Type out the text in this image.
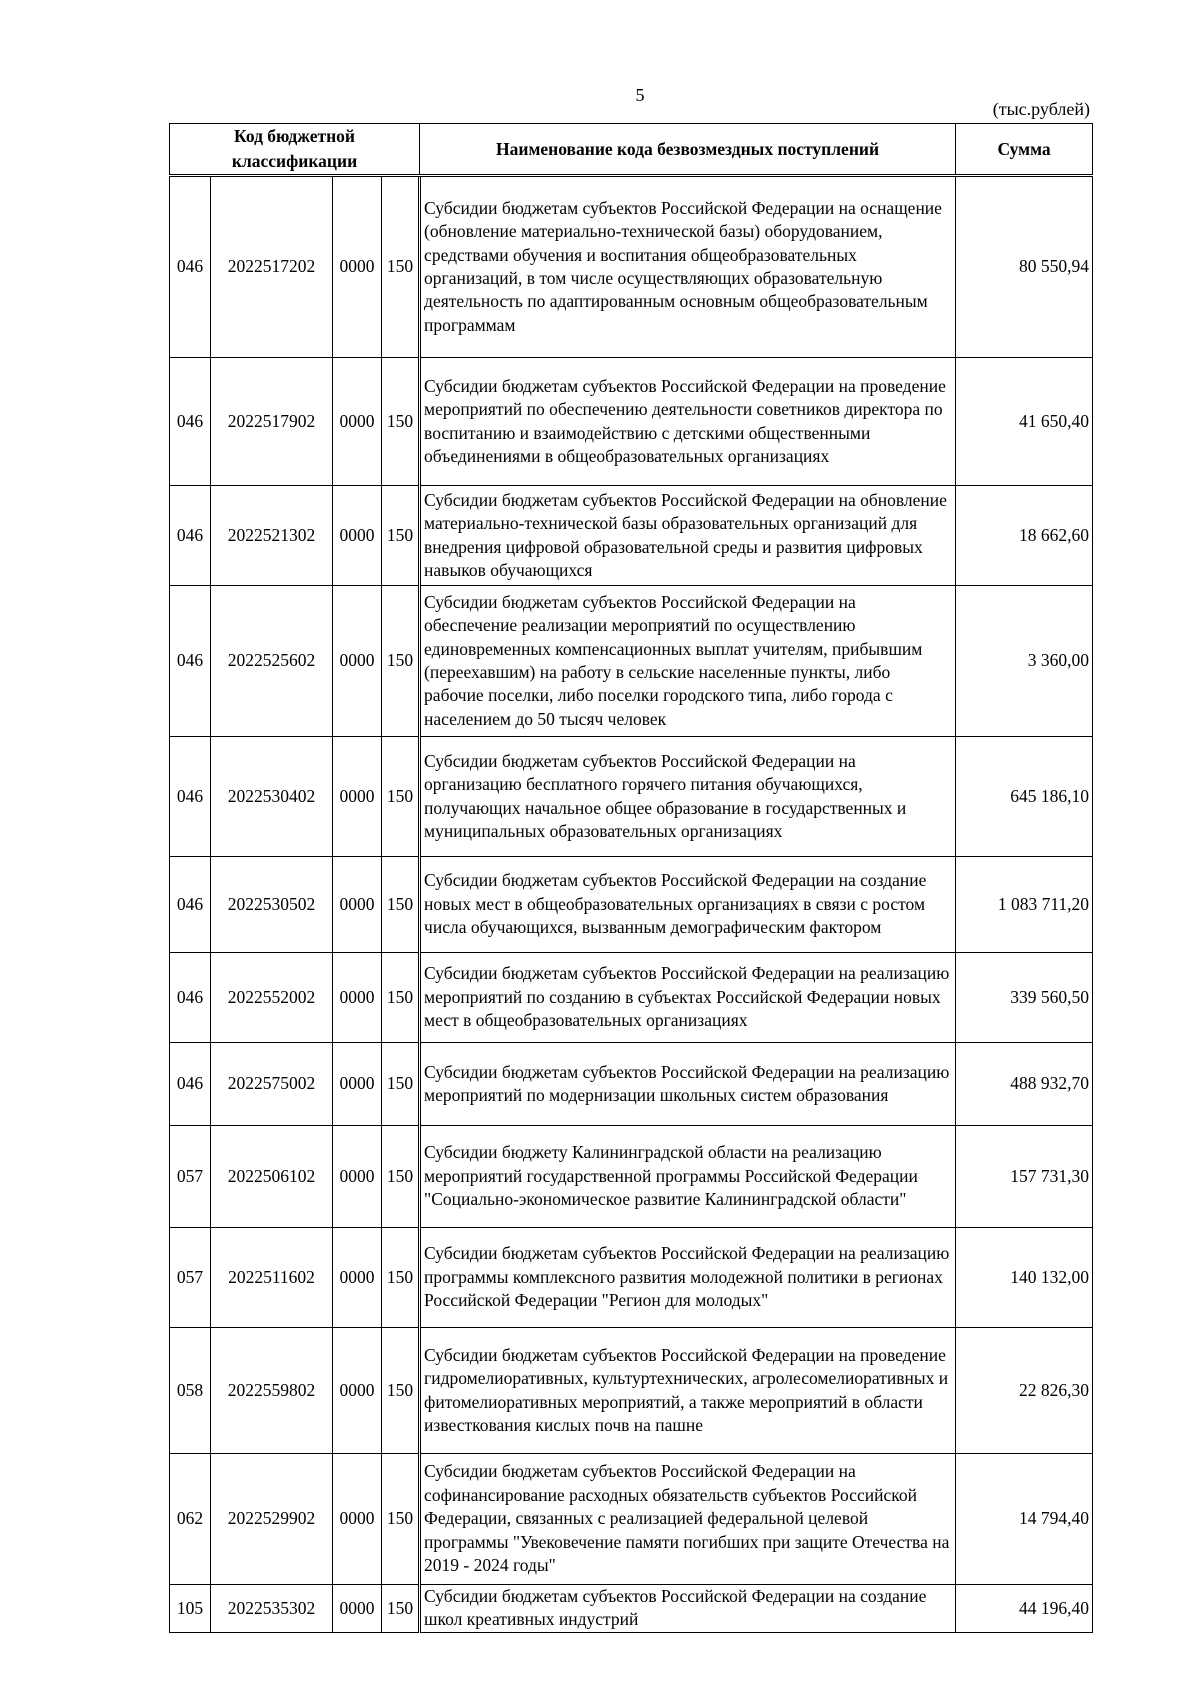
5
(тыс.рублей)
Код бюджетной классификации				Наименование кода безвозмездных поступлений	Сумма
046	2022517202	0000	150	Субсидии бюджетам субъектов Российской Федерации на оснащение (обновление материально-технической базы) оборудованием, средствами обучения и воспитания общеобразовательных организаций, в том числе осуществляющих образовательную деятельность по адаптированным основным общеобразовательным программам	80 550,94
046	2022517902	0000	150	Субсидии бюджетам субъектов Российской Федерации на проведение мероприятий по обеспечению деятельности советников директора по воспитанию и взаимодействию с детскими общественными объединениями в общеобразовательных организациях	41 650,40
046	2022521302	0000	150	Субсидии бюджетам субъектов Российской Федерации на обновление материально-технической базы образовательных организаций для внедрения цифровой образовательной среды и развития цифровых навыков обучающихся	18 662,60
046	2022525602	0000	150	Субсидии бюджетам субъектов Российской Федерации на обеспечение реализации мероприятий по осуществлению единовременных компенсационных выплат учителям, прибывшим (переехавшим) на работу в сельские населенные пункты, либо рабочие поселки, либо поселки городского типа, либо города с населением до 50 тысяч человек	3 360,00
046	2022530402	0000	150	Субсидии бюджетам субъектов Российской Федерации на организацию бесплатного горячего питания обучающихся, получающих начальное общее образование в государственных и муниципальных образовательных организациях	645 186,10
046	2022530502	0000	150	Субсидии бюджетам субъектов Российской Федерации на создание новых мест в общеобразовательных организациях в связи с ростом числа обучающихся, вызванным демографическим фактором	1 083 711,20
046	2022552002	0000	150	Субсидии бюджетам субъектов Российской Федерации на реализацию мероприятий по созданию в субъектах Российской Федерации новых мест в общеобразовательных организациях	339 560,50
046	2022575002	0000	150	Субсидии бюджетам субъектов Российской Федерации на реализацию мероприятий по модернизации школьных систем образования	488 932,70
057	2022506102	0000	150	Субсидии бюджету Калининградской области на реализацию мероприятий государственной программы Российской Федерации "Социально-экономическое развитие Калининградской области"	157 731,30
057	2022511602	0000	150	Субсидии бюджетам субъектов Российской Федерации на реализацию программы комплексного развития молодежной политики в регионах Российской Федерации "Регион для молодых"	140 132,00
058	2022559802	0000	150	Субсидии бюджетам субъектов Российской Федерации на проведение гидромелиоративных, культуртехнических, агролесомелиоративных и фитомелиоративных мероприятий, а также мероприятий в области известкования кислых почв на пашне	22 826,30
062	2022529902	0000	150	Субсидии бюджетам субъектов Российской Федерации на софинансирование расходных обязательств субъектов Российской Федерации, связанных с реализацией федеральной целевой программы "Увековечение памяти погибших при защите Отечества на 2019 - 2024 годы"	14 794,40
105	2022535302	0000	150	Субсидии бюджетам субъектов Российской Федерации на создание школ креативных индустрий	44 196,40
